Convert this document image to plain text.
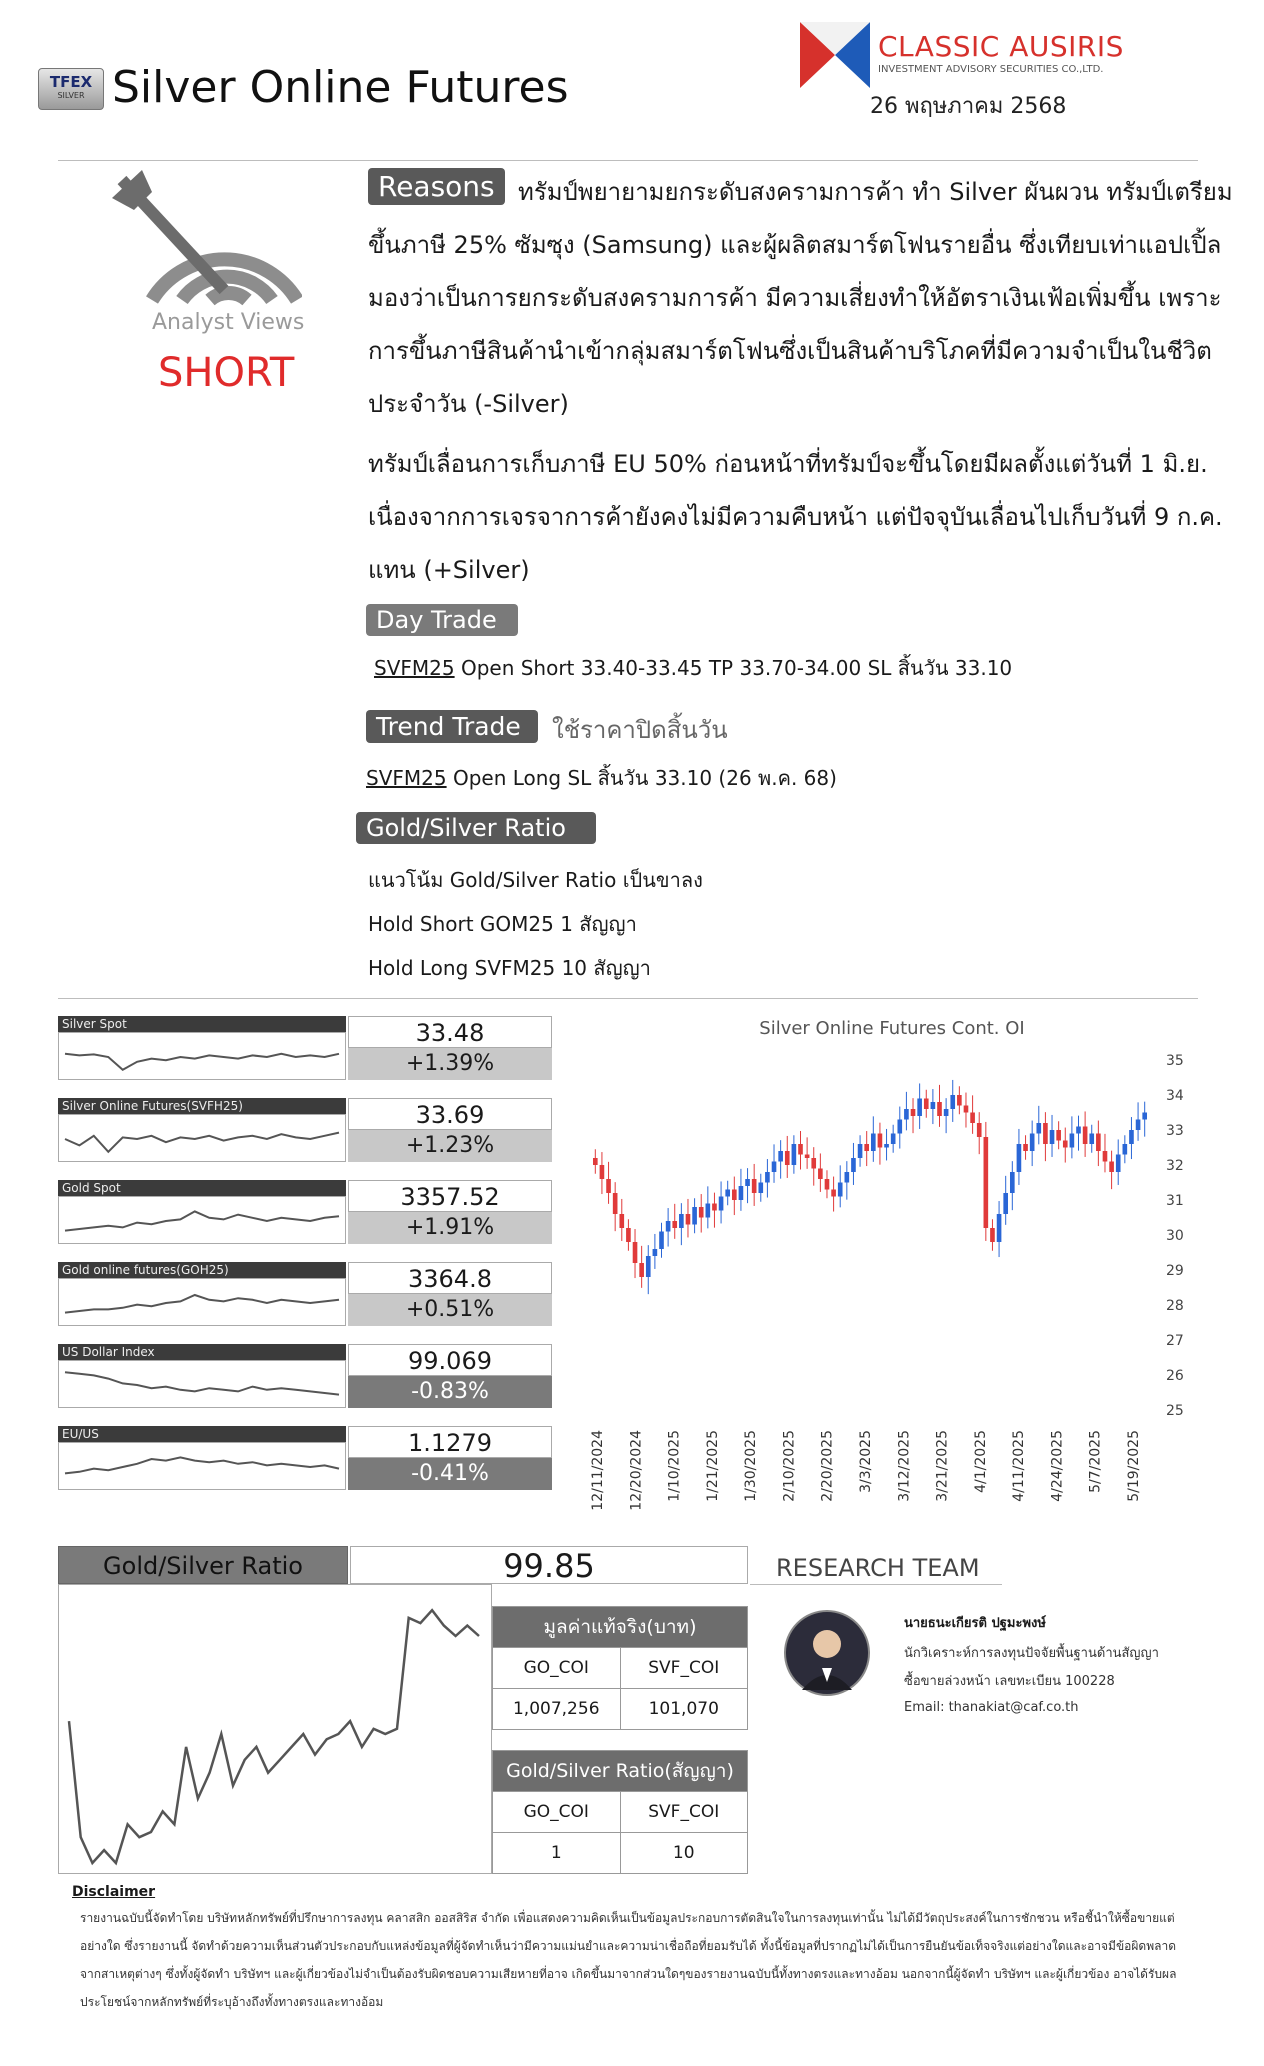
TFEX
SILVER Silver Online Futures
CLASSIC AUSIRIS
INVESTMENT ADVISORY SECURITIES CO.,LTD.
26 พฤษภาคม 2568
Analyst Views
SHORT
Reasons ทรัมป์พยายามยกระดับสงครามการค้า ทำ Silver ผันผวน ทรัมป์เตรียมขึ้นภาษี 25% ซัมซุง (Samsung) และผู้ผลิตสมาร์ตโฟนรายอื่น ซึ่งเทียบเท่าแอปเปิ้ล มองว่าเป็นการยกระดับสงครามการค้า มีความเสี่ยงทำให้อัตราเงินเฟ้อเพิ่มขึ้น เพราะการขึ้นภาษีสินค้านำเข้ากลุ่มสมาร์ตโฟนซึ่งเป็นสินค้าบริโภคที่มีความจำเป็นในชีวิตประจำวัน (-Silver)
ทรัมป์เลื่อนการเก็บภาษี EU 50% ก่อนหน้าที่ทรัมป์จะขึ้นโดยมีผลตั้งแต่วันที่ 1 มิ.ย. เนื่องจากการเจรจาการค้ายังคงไม่มีความคืบหน้า แต่ปัจจุบันเลื่อนไปเก็บวันที่ 9 ก.ค. แทน (+Silver)
Day Trade
SVFM25 Open Short 33.40-33.45 TP 33.70-34.00 SL สิ้นวัน 33.10
Trend Trade	ใช้ราคาปิดสิ้นวัน
SVFM25 Open Long SL สิ้นวัน 33.10 (26 พ.ค. 68)
Gold/Silver Ratio
แนวโน้ม Gold/Silver Ratio เป็นขาลง
Hold Short GOM25 1 สัญญา
Hold Long SVFM25 10 สัญญา
Silver Spot	33.48
+1.39%
Silver Online Futures(SVFH25)	33.69
+1.23%
Gold Spot	3357.52
+1.91%
Gold online futures(GOH25)	3364.8
+0.51%
US Dollar Index	99.069
-0.83%
EU/US	1.1279
-0.41%
Silver Online Futures Cont. OI
25
26
27
28
29
30
31
32
33
34
35
12/11/2024 12/20/2024 1/10/2025 1/21/2025 1/30/2025 2/10/2025 2/20/2025 3/3/2025 3/12/2025 3/21/2025 4/1/2025 4/11/2025 4/24/2025 5/7/2025 5/19/2025
Gold/Silver Ratio	99.85
มูลค่าแท้จริง(บาท)	
GO_COI	SVF_COI
1,007,256	101,070
Gold/Silver Ratio(สัญญา)	
GO_COI	SVF_COI
1	10
RESEARCH TEAM
นายธนะเกียรติ ปฐมะพงษ์
นักวิเคราะห์การลงทุนปัจจัยพื้นฐานด้านสัญญา
ซื้อขายล่วงหน้า เลขทะเบียน 100228
Email: thanakiat@caf.co.th
Disclaimer
รายงานฉบับนี้จัดทำโดย บริษัทหลักทรัพย์ที่ปรึกษาการลงทุน คลาสสิก ออสสิริส จำกัด เพื่อแสดงความคิดเห็นเป็นข้อมูลประกอบการตัดสินใจในการลงทุนเท่านั้น ไม่ได้มีวัตถุประสงค์ในการชักชวน หรือชี้นำให้ซื้อขายแต่อย่างใด ซึ่งรายงานนี้ จัดทำด้วยความเห็นส่วนตัวประกอบกับแหล่งข้อมูลที่ผู้จัดทำเห็นว่ามีความแม่นยำและความน่าเชื่อถือที่ยอมรับได้ ทั้งนี้ข้อมูลที่ปรากฏไม่ได้เป็นการยืนยันข้อเท็จจริงแต่อย่างใดและอาจมีข้อผิดพลาดจากสาเหตุต่างๆ ซึ่งทั้งผู้จัดทำ บริษัทฯ และผู้เกี่ยวข้องไม่จำเป็นต้องรับผิดชอบความเสียหายที่อาจ เกิดขึ้นมาจากส่วนใดๆของรายงานฉบับนี้ทั้งทางตรงและทางอ้อม นอกจากนี้ผู้จัดทำ บริษัทฯ และผู้เกี่ยวข้อง อาจได้รับผลประโยชน์จากหลักทรัพย์ที่ระบุอ้างถึงทั้งทางตรงและทางอ้อม
